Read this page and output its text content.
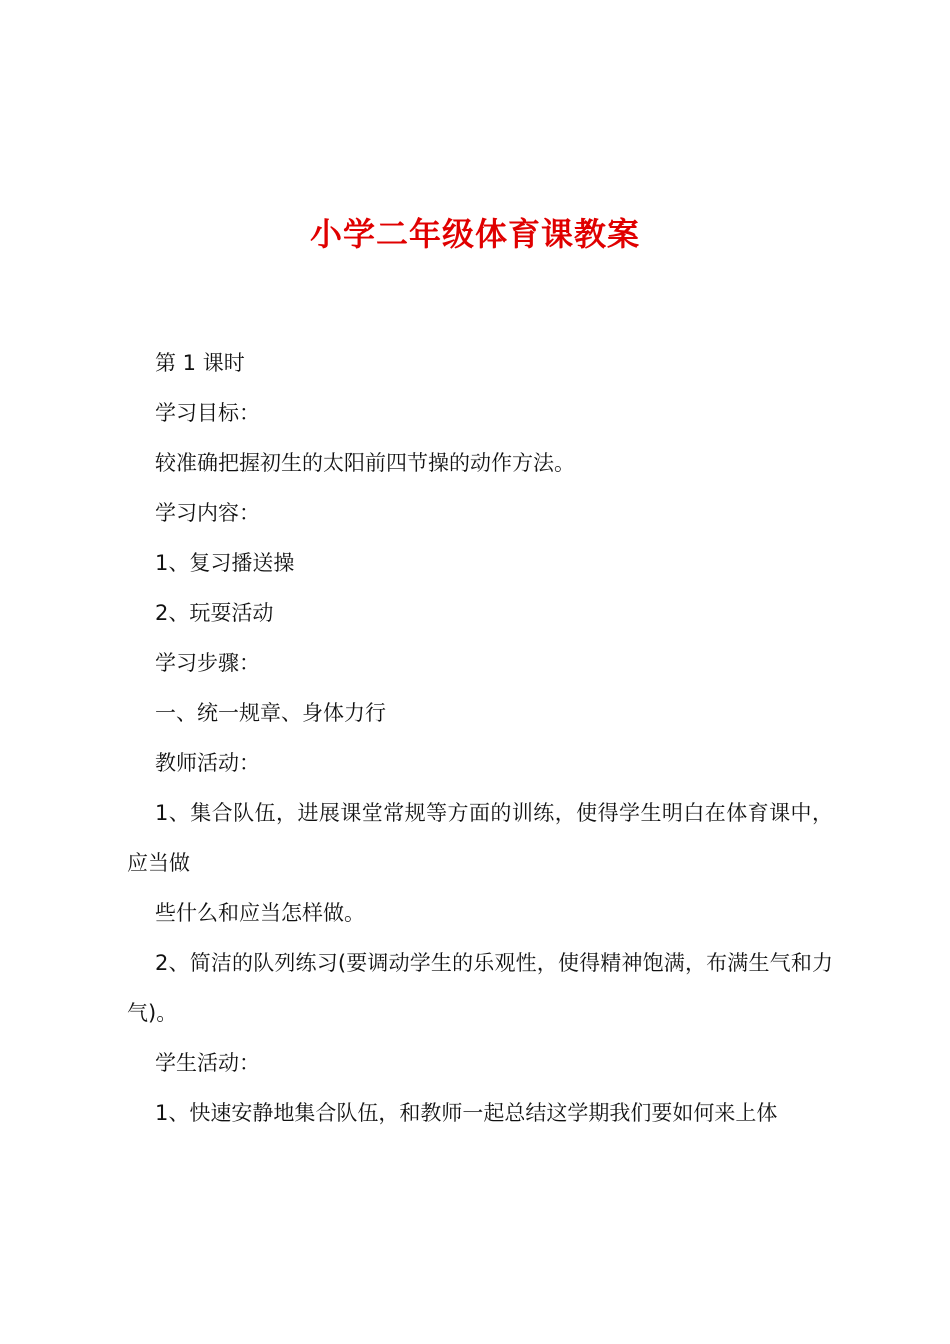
小学二年级体育课教案

第 1 课时

学习目标：

较准确把握初生的太阳前四节操的动作方法。

学习内容：

1、复习播送操

2、玩耍活动

学习步骤：

一、统一规章、身体力行

教师活动：

1、集合队伍，进展课堂常规等方面的训练，使得学生明白在体育课中，应当做

些什么和应当怎样做。

2、简洁的队列练习(要调动学生的乐观性，使得精神饱满，布满生气和力气)。

学生活动：

1、快速安静地集合队伍，和教师一起总结这学期我们要如何来上体
